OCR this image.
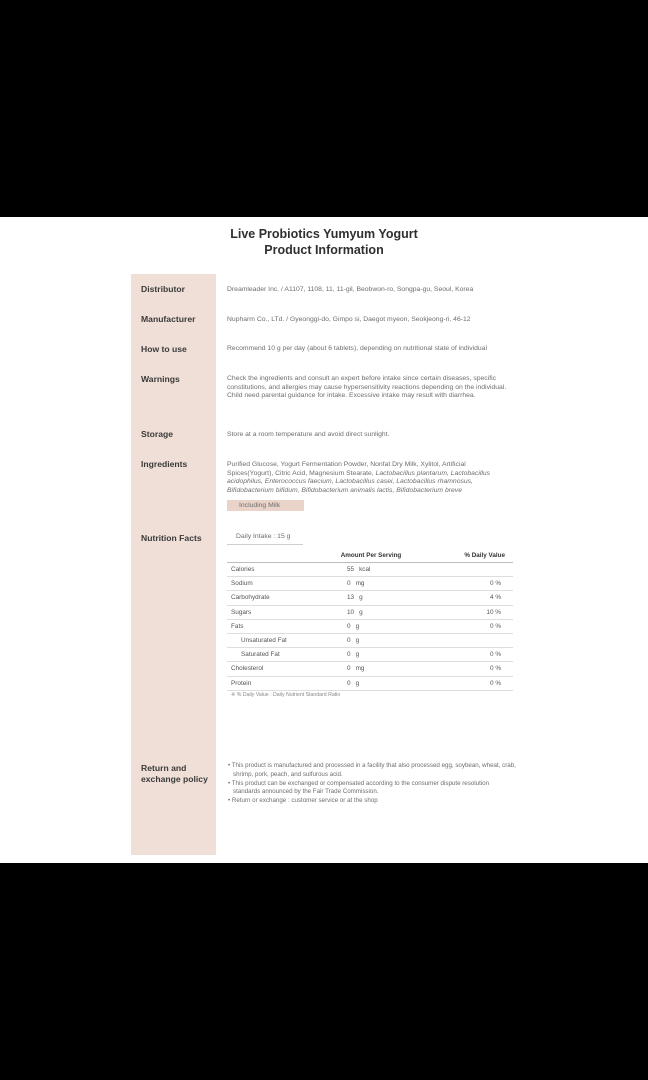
Live Probiotics Yumyum Yogurt
Product Information
Distributor	Dreamleader Inc. / A1107, 1108, 11, 11-gil, Beobwon-ro, Songpa-gu, Seoul, Korea
Manufacturer	Nupharm Co., LTd. / Gyeonggi-do, Gimpo si, Daegot myeon, Seokjeong-ri, 46-12
How to use	Recommend 10 g per day (about 6 tablets), depending on nutritional state of individual
Warnings	Check the ingredients and consult an expert before intake since certain diseases, specific constitutions, and allergies may cause hypersensitivity reactions depending on the individual. Child need parental guidance for intake. Excessive intake may result with diarrhea.
Storage	Store at a room temperature and avoid direct sunlight.
Ingredients	Purified Glucose, Yogurt Fermentation Powder, Nonfat Dry Milk, Xylitol, Artificial Spices(Yogurt), Citric Acid, Magnesium Stearate, Lactobacillus plantarum, Lactobacillus acidophilus, Enterococcus faecium, Lactobacillus casei, Lactobacillus rhamnosus, Bifidobacterium bifidum, Bifidobacterium animalis lactis, Bifidobacterium breve
Including Milk
Nutrition Facts	Daily Intake : 15 g
	Amount Per Serving	% Daily Value
Calories	55 kcal	
Sodium	0 mg	0 %
Carbohydrate	13 g	4 %
Sugars	10 g	10 %
Fats	0 g	0 %
Unsaturated Fat	0 g	
Saturated Fat	0 g	0 %
Cholesterol	0 mg	0 %
Protein	0 g	0 %
※ % Daily Value : Daily Nutrient Standard Ratio
Return and
exchange policy

• This product is manufactured and processed in a facility that also processed egg, soybean, wheat, crab, shrimp, pork, peach, and sulfurous acid.

• This product can be exchanged or compensated according to the consumer dispute resolution standards announced by the Fair Trade Commission.

• Return or exchange : customer service or at the shop
